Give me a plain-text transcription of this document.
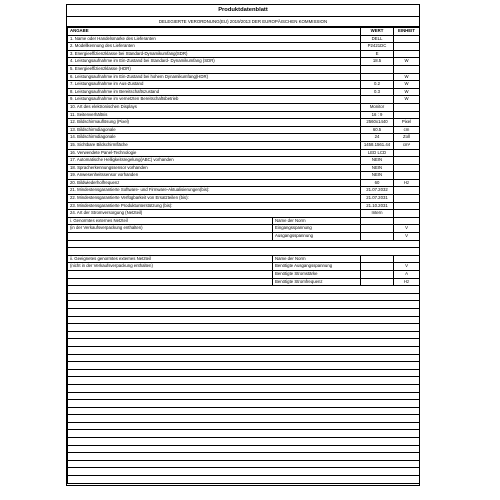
Produktdatenblatt
DELEGIERTE VERORDNUNG(EU) 2019/2013 DER EUROPÄISCHEN KOMMISSION
ANGABE		WERT	EINHEIT
1. Name oder Handelsmarke des Lieferanten		DELL	
2. Modellkennung des Lieferanten		P2421DC	
3. Energieeffizienzklasse bei Standard-Dynamikumfang(SDR)		E	
4. Leistungsaufnahme im Ein-Zustand bei Standard- Dynamikumfang (SDR)		18.5	W
5. Energieeffizienzklasse (HDR)			
6. Leistungsaufnahme im Ein-Zustand bei hohem Dynamikumfang(HDR)			W
7. Leistungsaufnahme im Aus-Zustand		0.2	W
8. Leistungsaufnahme im Bereitschaftszustand		0.3	W
9. Leistungsaufnahme im vernetzten Bereitschaftsbetrieb			W
10. Art des elektronischen Displays		Monitor	
11. Seitenverhältnis		16 : 9	
12. Bildschirmauflösung (Pixel)		2560x1440	Pixel
13. Bildschirmdiagonale		60.5	cm
14. Bildschirmdiagonale		24	Zoll
15. Sichtbare Bildschirmfläche		1458.1561.44	cm²
16. Verwendete Panel-Technologie		LED LCD	
17. Automatische Helligkeitsregelung(ABC) vorhanden		NEIN	
18. Spracherkennungssensor vorhanden		NEIN	
19. Anwesenheitssensor vorhanden		NEIN	
20. Bildwiederholfrequenz		60	Hz
21. Mindestensgarantierte Software- und Firmware-Aktualisierungen(bis):		21.07.2032	
22. Mindestensgarantierte Verfügbarkeit von Ersatzteilen (bis):		21.07.2031	
23. Mindestensgarantierte Produktunterstützung (bis):		21.10.2031	
24. Art der Stromversorgung (Netzteil)		Intern	
i. Genormtes externes Netzteil	Name der Norm		
(in der Verkaufsverpackung enthalten)	Eingangsspannung		V
	Ausgangsspannung		V

ii. Geeignetes genormtes externes Netzteil	Name der Norm		
(nicht in der Verkaufsverpackung enthalten)	Benötigte Ausgangsspannung		V
	Benötigte Stromstärke		A
	Benötigte Stromfrequenz		Hz
